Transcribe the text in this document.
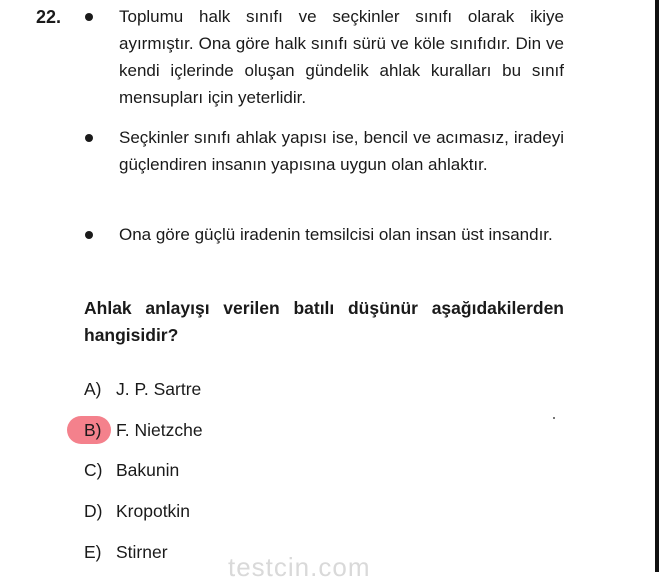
22.	Toplumu halk sınıfı ve seçkinler sınıfı olarak ikiye ayırmıştır. Ona göre halk sınıfı sürü ve köle sınıfıdır. Din ve kendi içlerinde oluşan gündelik ahlak kuralları bu sınıf mensupları için yeterlidir.
Seçkinler sınıfı ahlak yapısı ise, bencil ve acımasız, iradeyi güçlendiren insanın yapısına uygun olan ahlaktır.
Ona göre güçlü iradenin temsilcisi olan insan üst insandır.
Ahlak anlayışı verilen batılı düşünür aşağıdakilerden hangisidir?
A) J. P. Sartre
B) F. Nietzche
C) Bakunin
D) Kropotkin
E) Stirner testcin.com
